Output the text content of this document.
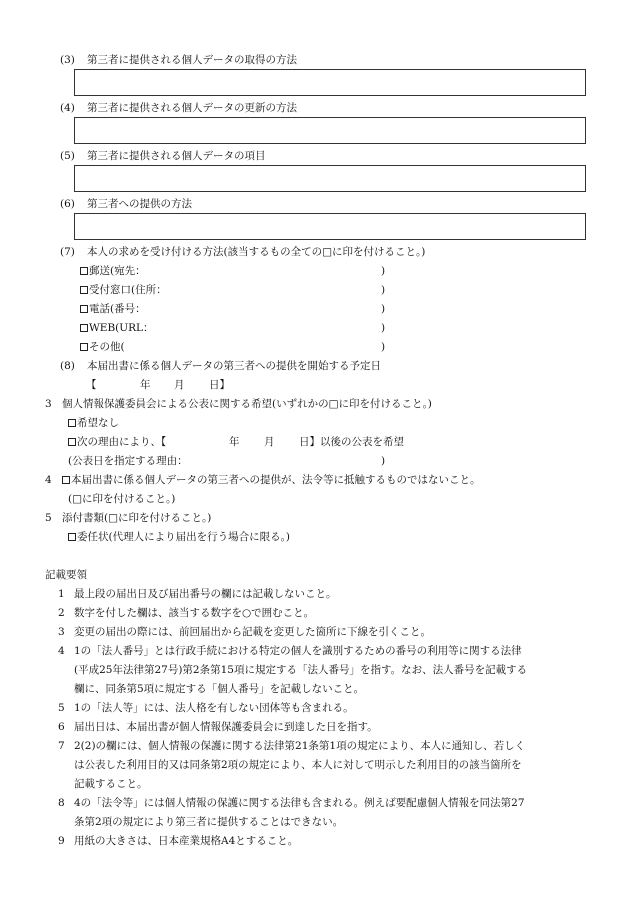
(3) 第三者に提供される個人データの取得の方法
(4) 第三者に提供される個人データの更新の方法
(5) 第三者に提供される個人データの項目
(6) 第三者への提供の方法
(7) 本人の求めを受け付ける方法(該当するもの全ての□に印を付けること。)
郵送(宛先：	)
受付窓口(住所：	)
電話(番号：	)
WEB(URL：	)
その他(	)
(8) 本届出書に係る個人データの第三者への提供を開始する予定日
【	年 月 日】
3 個人情報保護委員会による公表に関する希望(いずれかの□に印を付けること。)
希望なし
次の理由により、【	年 月 日】以後の公表を希望
(公表日を指定する理由：	)
4	本届出書に係る個人データの第三者への提供が、法令等に抵触するものではないこと。
(□に印を付けること。)
5 添付書類(□に印を付けること。)
委任状(代理人により届出を行う場合に限る。)
記載要領
1 最上段の届出日及び届出番号の欄には記載しないこと。
2 数字を付した欄は、該当する数字を○で囲むこと。
3 変更の届出の際には、前回届出から記載を変更した箇所に下線を引くこと。
4 1の「法人番号」とは行政手続における特定の個人を識別するための番号の利用等に関する法律
(平成25年法律第27号)第2条第15項に規定する「法人番号」を指す。なお、法人番号を記載する
欄に、同条第5項に規定する「個人番号」を記載しないこと。
5 1の「法人等」には、法人格を有しない団体等も含まれる。
6 届出日は、本届出書が個人情報保護委員会に到達した日を指す。
7 2(2)の欄には、個人情報の保護に関する法律第21条第1項の規定により、本人に通知し、若しく
は公表した利用目的又は同条第2項の規定により、本人に対して明示した利用目的の該当箇所を
記載すること。
8 4の「法令等」には個人情報の保護に関する法律も含まれる。例えば要配慮個人情報を同法第27
条第2項の規定により第三者に提供することはできない。
9 用紙の大きさは、日本産業規格A4とすること。
